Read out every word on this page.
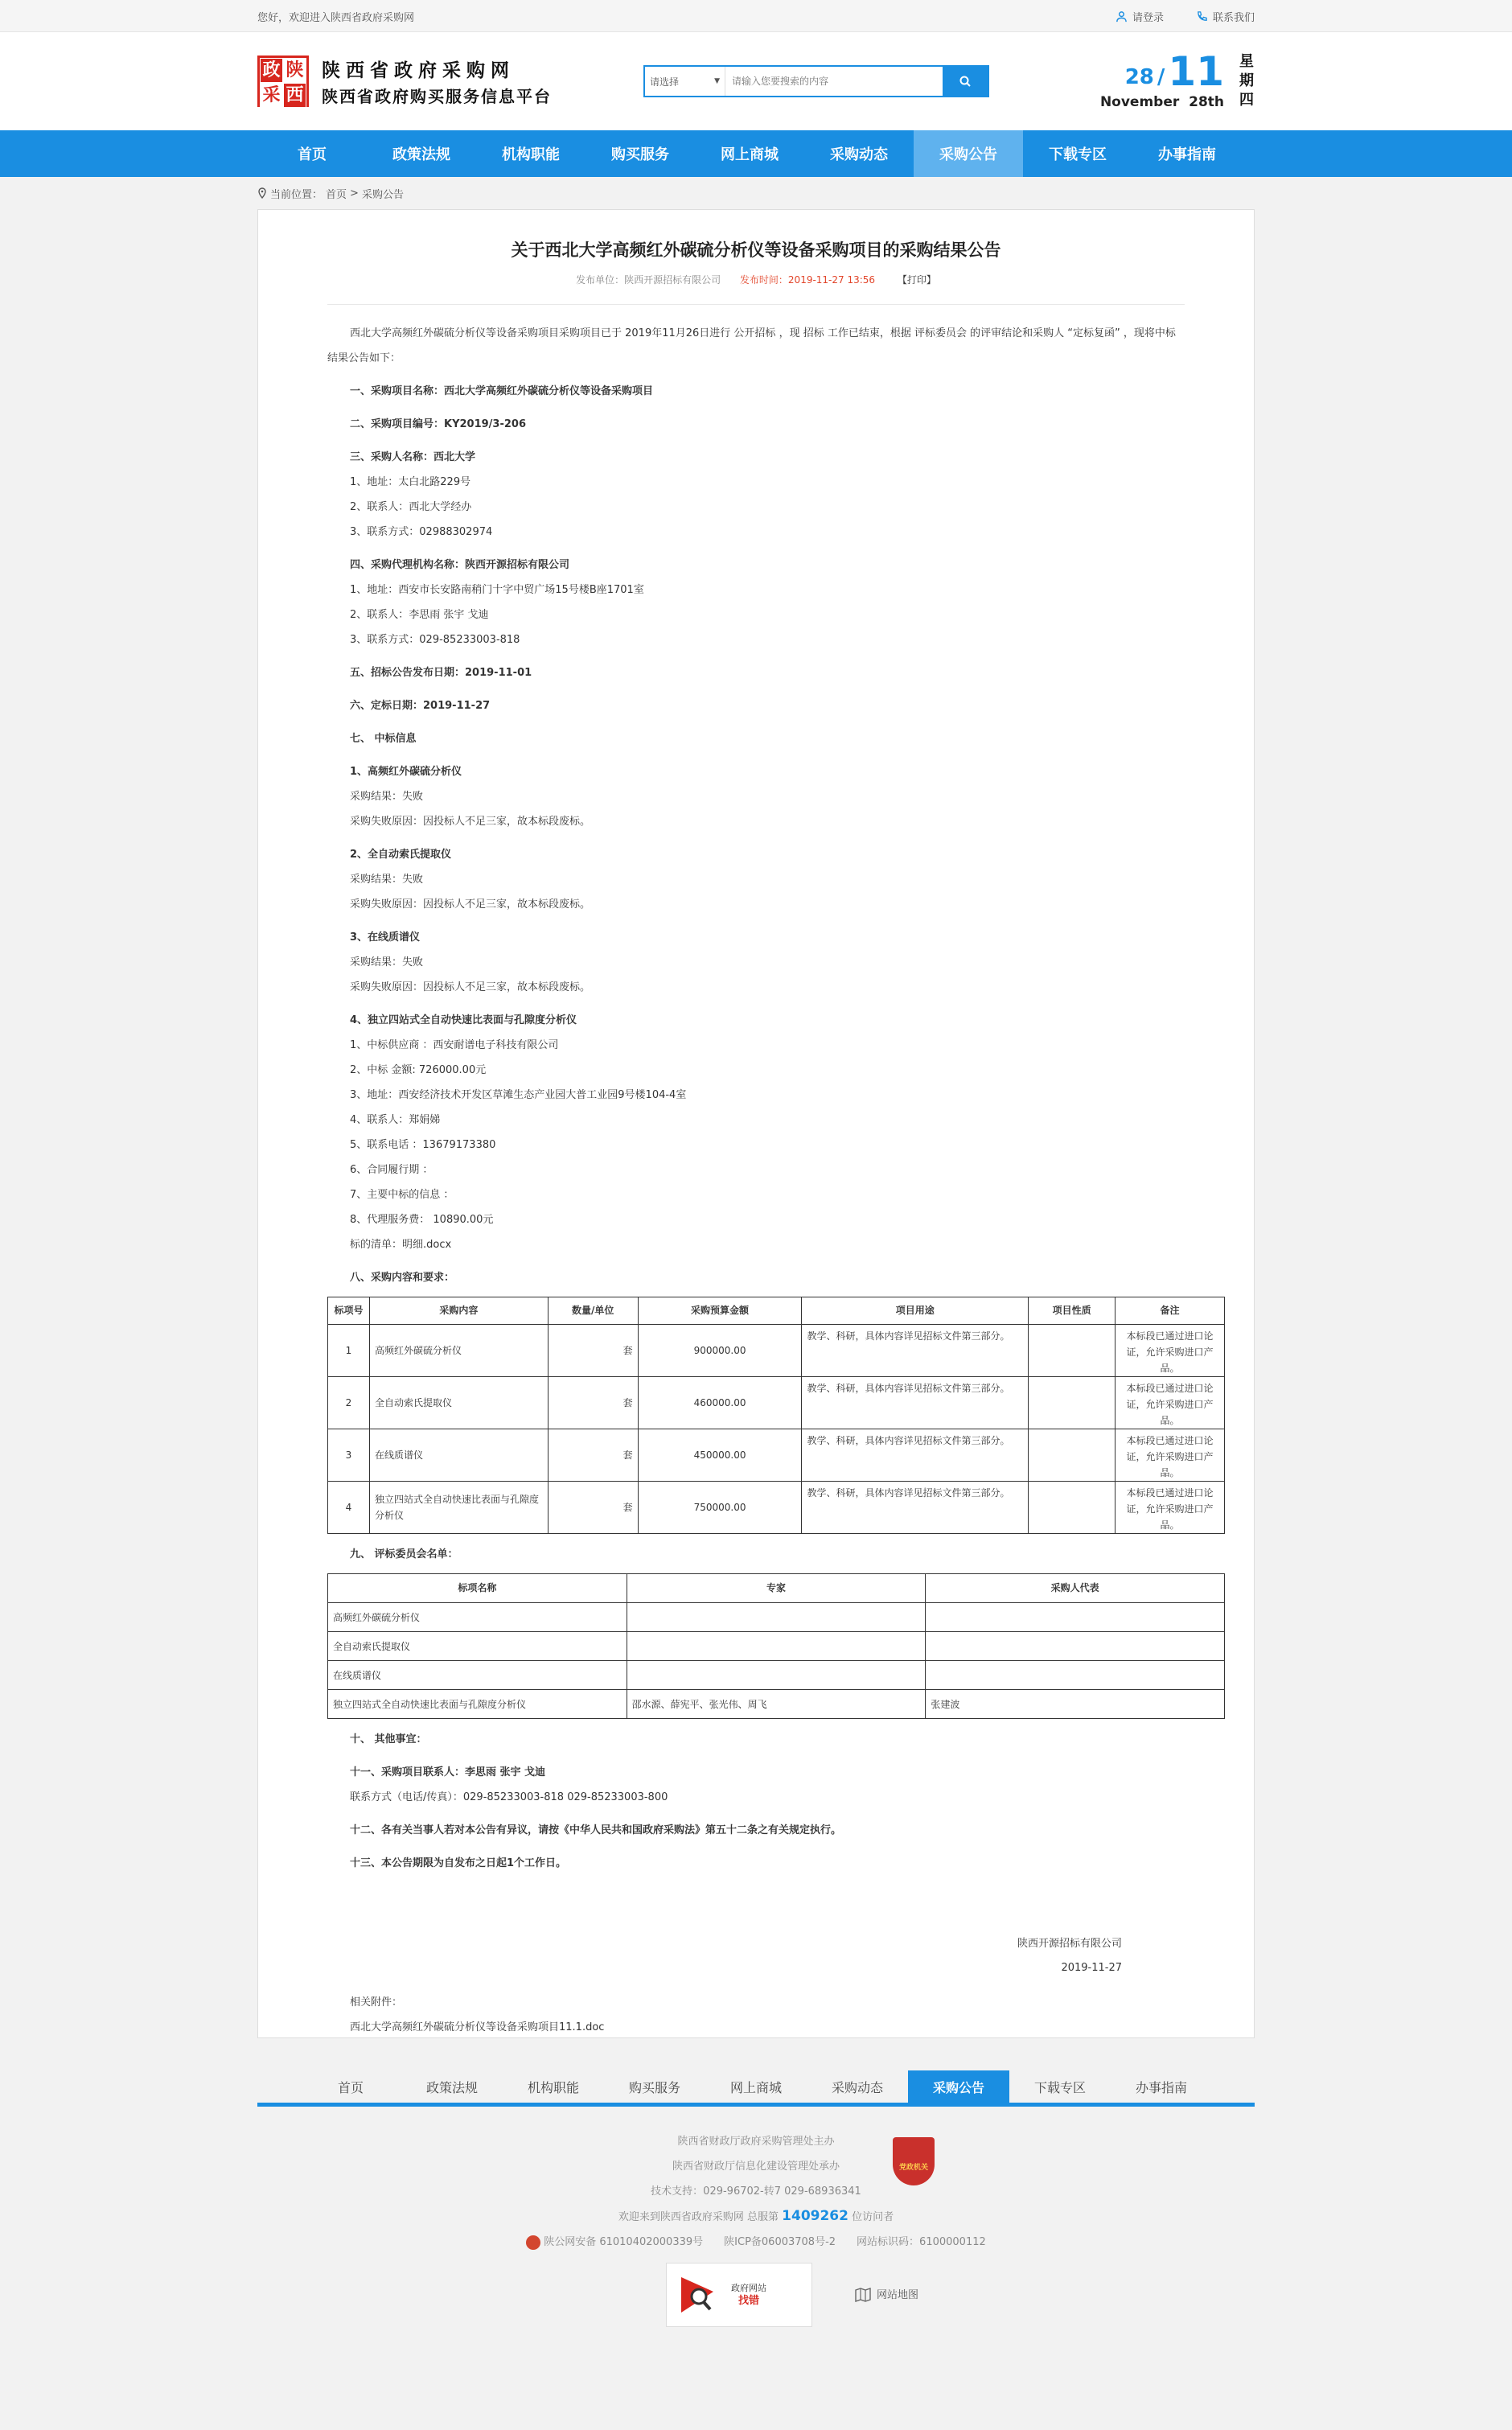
您好，欢迎进入陕西省政府采购网	请登录	联系我们
政 陕
采 西
陕西省政府采购网
陕西省政府购买服务信息平台
请选择	▼
请输入您要搜索的内容	28 / 11
November 28th
星
期
四
首页	政策法规	机构职能	购买服务	网上商城	采购动态	采购公告	下载专区	办事指南
当前位置： 首页 > 采购公告
关于西北大学高频红外碳硫分析仪等设备采购项目的采购结果公告
发布单位：陕西开源招标有限公司 发布时间：2019-11-27 13:56 【打印】
西北大学高频红外碳硫分析仪等设备采购项目采购项目已于 2019年11月26日进行 公开招标 ，现 招标 工作已结束，根据 评标委员会 的评审结论和采购人 “定标复函” ，现将中标 结果公告如下：

一、采购项目名称：西北大学高频红外碳硫分析仪等设备采购项目

二、采购项目编号：KY2019/3-206

三、采购人名称：西北大学

1、地址：太白北路229号

2、联系人：西北大学经办

3、联系方式：02988302974

四、采购代理机构名称：陕西开源招标有限公司

1、地址：西安市长安路南稍门十字中贸广场15号楼B座1701室

2、联系人：李思雨 张宇 戈迪

3、联系方式：029-85233003-818

五、招标公告发布日期：2019-11-01

六、定标日期：2019-11-27

七、 中标信息

1、高频红外碳硫分析仪

采购结果：失败

采购失败原因：因投标人不足三家，故本标段废标。

2、全自动索氏提取仪

采购结果：失败

采购失败原因：因投标人不足三家，故本标段废标。

3、在线质谱仪

采购结果：失败

采购失败原因：因投标人不足三家，故本标段废标。

4、独立四站式全自动快速比表面与孔隙度分析仪

1、中标供应商 ：西安耐谱电子科技有限公司

2、中标 金额: 726000.00元

3、地址：西安经济技术开发区草滩生态产业园大普工业园9号楼104-4室

4、联系人：郑娟娣

5、联系电话 ：13679173380

6、合同履行期 ：

7、主要中标的信息 ：

8、代理服务费： 10890.00元

标的清单：明细.docx

八、采购内容和要求：

标项号	采购内容	数量/单位	采购预算金额	项目用途	项目性质	备注
1	高频红外碳硫分析仪	套	900000.00	教学、科研，具体内容详见招标文件第三部分。		本标段已通过进口论证，允许采购进口产品。
2	全自动索氏提取仪	套	460000.00	教学、科研，具体内容详见招标文件第三部分。		本标段已通过进口论证，允许采购进口产品。
3	在线质谱仪	套	450000.00	教学、科研，具体内容详见招标文件第三部分。		本标段已通过进口论证，允许采购进口产品。
4	独立四站式全自动快速比表面与孔隙度分析仪	套	750000.00	教学、科研，具体内容详见招标文件第三部分。		本标段已通过进口论证，允许采购进口产品。

九、 评标委员会名单：

标项名称	专家	采购人代表
高频红外碳硫分析仪		
全自动索氏提取仪		
在线质谱仪		
独立四站式全自动快速比表面与孔隙度分析仪	邵水源、薛宪平、张光伟、周飞	张建波

十、 其他事宜：

十一、采购项目联系人：李思雨 张宇 戈迪

联系方式（电话/传真）：029-85233003-818 029-85233003-800

十二、各有关当事人若对本公告有异议，请按《中华人民共和国政府采购法》第五十二条之有关规定执行。

十三、本公告期限为自发布之日起1个工作日。

陕西开源招标有限公司
2019-11-27

相关附件：

西北大学高频红外碳硫分析仪等设备采购项目11.1.doc

首页	政策法规	机构职能	购买服务	网上商城	采购动态	采购公告	下载专区	办事指南
陕西省财政厅政府采购管理处主办
陕西省财政厅信息化建设管理处承办
技术支持：029-96702-转7 029-68936341
欢迎来到陕西省政府采购网 总服第 1409262 位访问者
陕公网安备 61010402000339号 陕ICP备06003708号-2 网站标识码：6100000112
党政机关
政府网站
找错	网站地图
